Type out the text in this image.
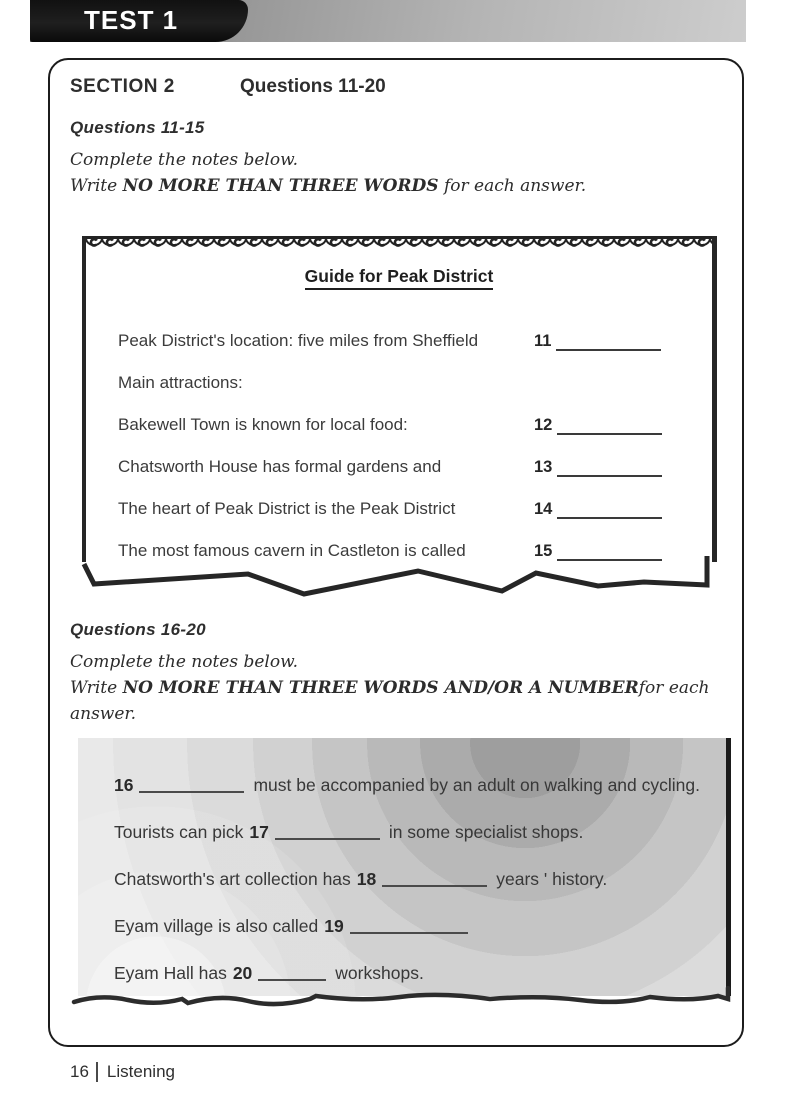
TEST 1
SECTION 2	Questions 11-20
Questions 11-15
Complete the notes below.
Write NO MORE THAN THREE WORDS for each answer.
Guide for Peak District
Peak District's location: five miles from Sheffield	11
Main attractions:
Bakewell Town is known for local food:	12
Chatsworth House has formal gardens and	13
The heart of Peak District is the Peak District	14
The most famous cavern in Castleton is called	15
Questions 16-20
Complete the notes below.
Write NO MORE THAN THREE WORDS AND/OR A NUMBERfor each
answer.
16	must be accompanied by an adult on walking and cycling.
Tourists can pick 17	in some specialist shops.
Chatsworth's art collection has 18	years ' history.
Eyam village is also called 19
Eyam Hall has 20	workshops.
16 Listening
